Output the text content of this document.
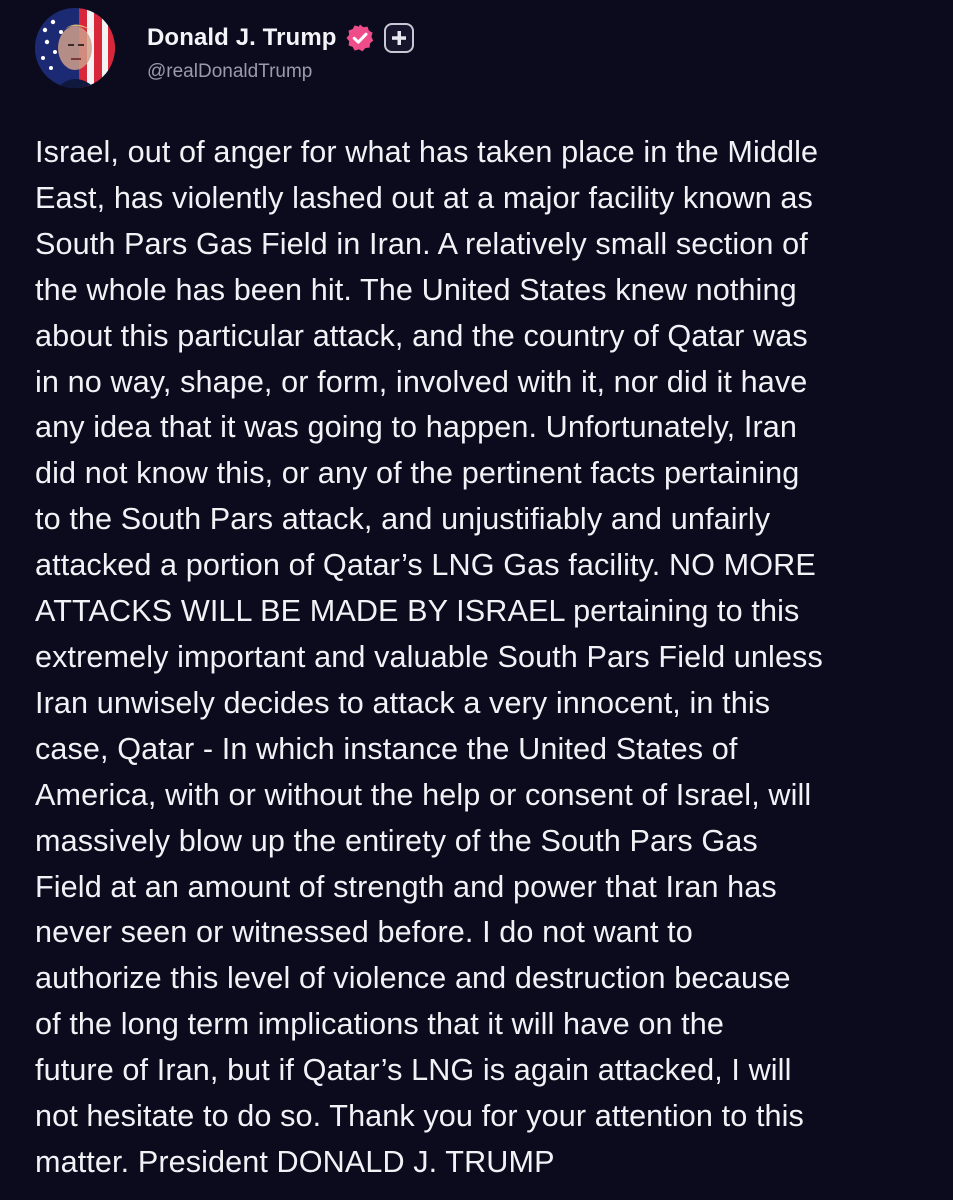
Donald J. Trump
@realDonaldTrump

Israel, out of anger for what has taken place in the Middle
East, has violently lashed out at a major facility known as
South Pars Gas Field in Iran. A relatively small section of
the whole has been hit. The United States knew nothing
about this particular attack, and the country of Qatar was
in no way, shape, or form, involved with it, nor did it have
any idea that it was going to happen. Unfortunately, Iran
did not know this, or any of the pertinent facts pertaining
to the South Pars attack, and unjustifiably and unfairly
attacked a portion of Qatar’s LNG Gas facility. NO MORE
ATTACKS WILL BE MADE BY ISRAEL pertaining to this
extremely important and valuable South Pars Field unless
Iran unwisely decides to attack a very innocent, in this
case, Qatar - In which instance the United States of
America, with or without the help or consent of Israel, will
massively blow up the entirety of the South Pars Gas
Field at an amount of strength and power that Iran has
never seen or witnessed before. I do not want to
authorize this level of violence and destruction because
of the long term implications that it will have on the
future of Iran, but if Qatar’s LNG is again attacked, I will
not hesitate to do so. Thank you for your attention to this
matter. President DONALD J. TRUMP
